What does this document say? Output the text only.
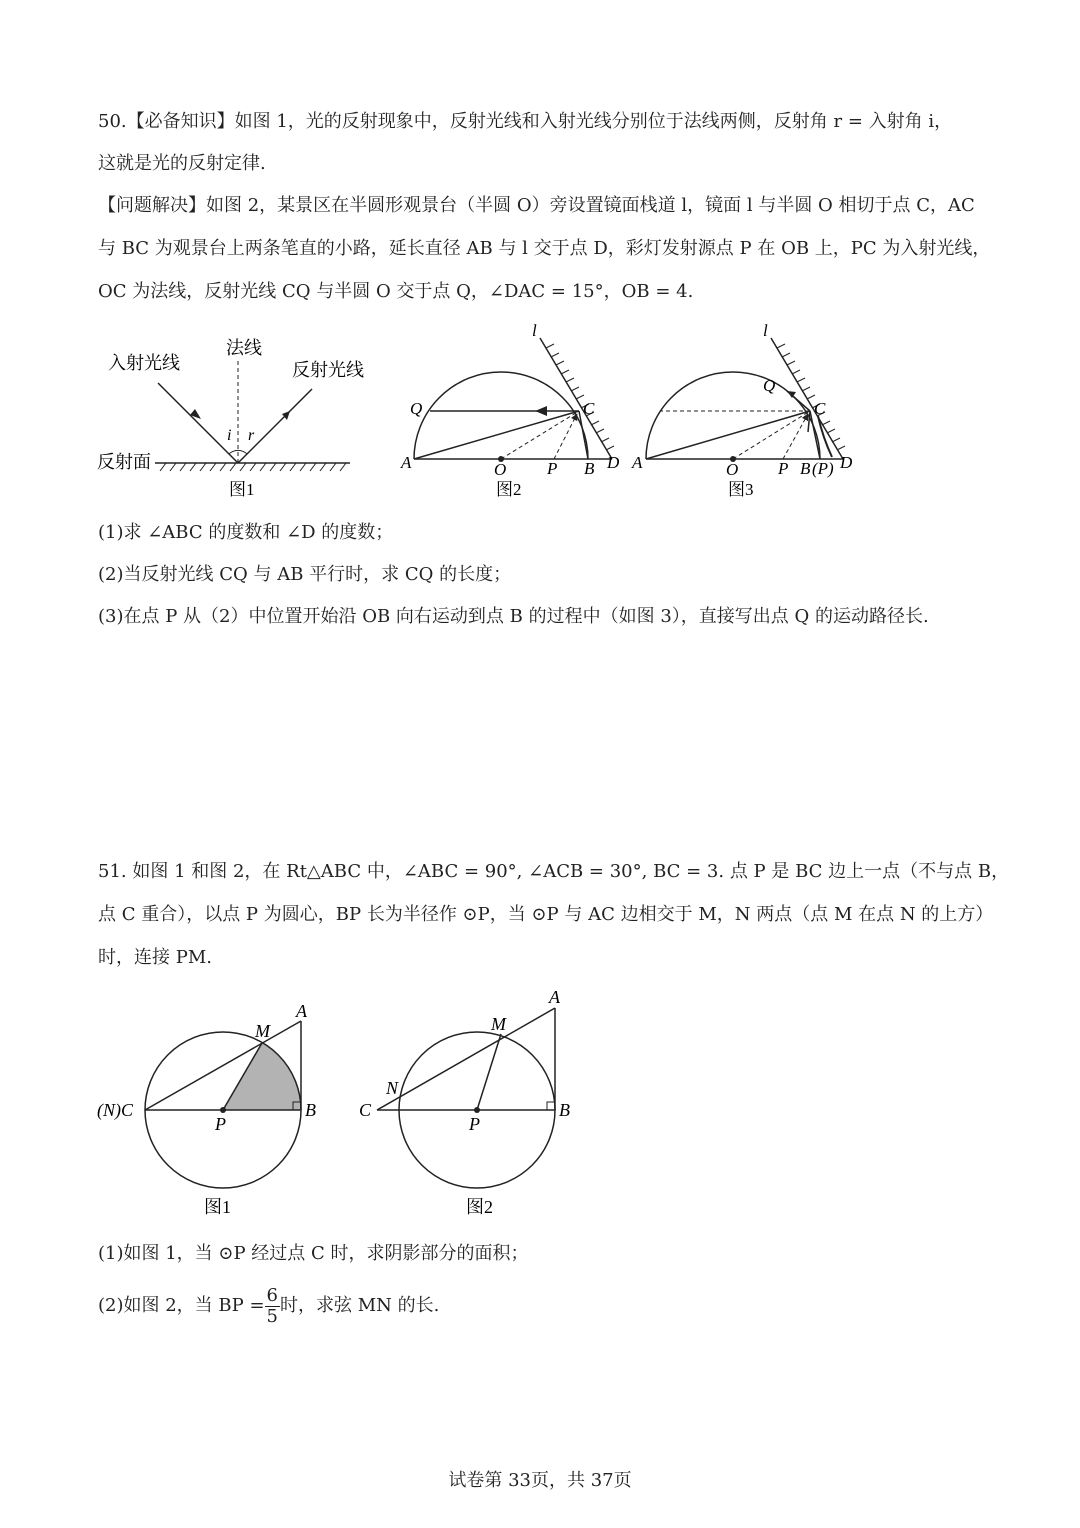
50.【必备知识】如图 1，光的反射现象中，反射光线和入射光线分别位于法线两侧，反射角 r = 入射角 i，
这就是光的反射定律.
【问题解决】如图 2，某景区在半圆形观景台（半圆 O）旁设置镜面栈道 l，镜面 l 与半圆 O 相切于点 C，AC
与 BC 为观景台上两条笔直的小路，延长直径 AB 与 l 交于点 D，彩灯发射源点 P 在 OB 上，PC 为入射光线，
OC 为法线，反射光线 CQ 与半圆 O 交于点 Q，∠DAC = 15°，OB = 4.
入射光线
法线
反射光线
反射面
i r
图1
l
Q	C
A	O P B D
图2
l
Q
C
A	O P B (P) D
图3
(1)求 ∠ABC 的度数和 ∠D 的度数；
(2)当反射光线 CQ 与 AB 平行时，求 CQ 的长度；
(3)在点 P 从（2）中位置开始沿 OB 向右运动到点 B 的过程中（如图 3），直接写出点 Q 的运动路径长.
51. 如图 1 和图 2，在 Rt△ABC 中，∠ABC = 90°, ∠ACB = 30°, BC = 3. 点 P 是 BC 边上一点（不与点 B，
点 C 重合），以点 P 为圆心，BP 长为半径作 ⊙P，当 ⊙P 与 AC 边相交于 M，N 两点（点 M 在点 N 的上方）
时，连接 PM.
M
A
(N)C
P
B
图1
M
A
N
C
P
B
图2
(1)如图 1，当 ⊙P 经过点 C 时，求阴影部分的面积；
(2)如图 2，当 BP = $\frac{6}{5}$ 时，求弦 MN 的长.
试卷第 33页，共 37页
